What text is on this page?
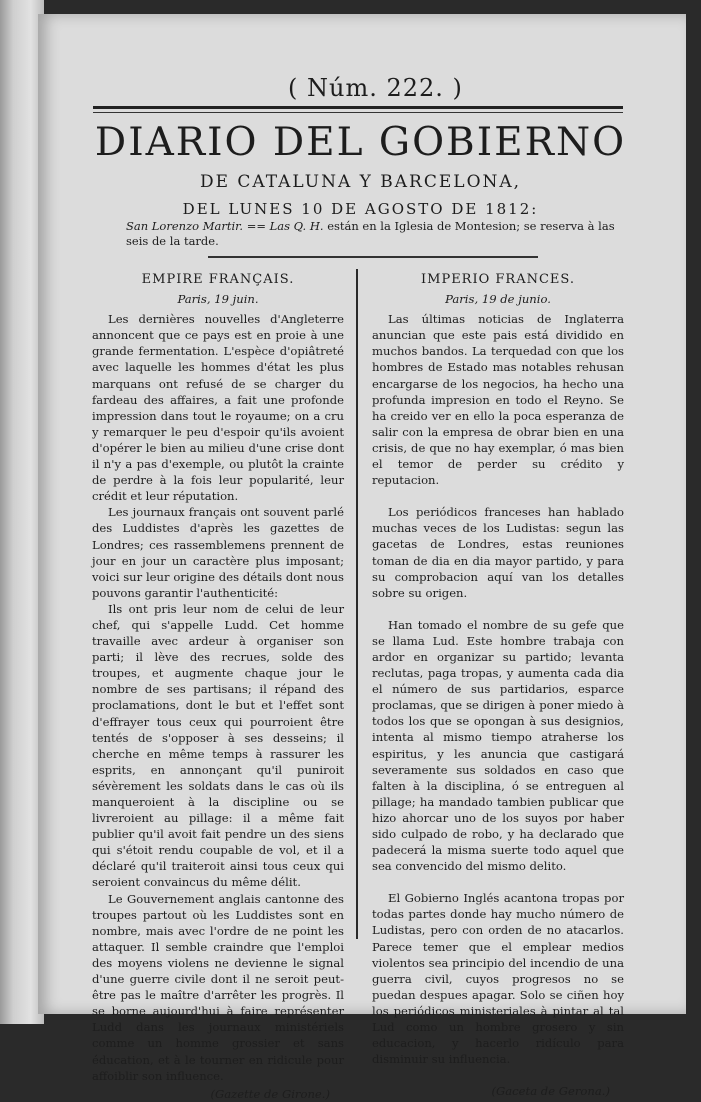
( Núm. 222. )
DIARIO DEL GOBIERNO
DE CATALUNA Y BARCELONA,
DEL LUNES 10 DE AGOSTO DE 1812:
San Lorenzo Martir. == Las Q. H. están en la Iglesia de Montesion; se reserva à las seis de la tarde.
EMPIRE FRANÇAIS.
Paris, 19 juin.

Les dernières nouvelles d'Angleterre annoncent que ce pays est en proie à une grande fermentation. L'espèce d'opiâtreté avec laquelle les hommes d'état les plus marquans ont refusé de se charger du fardeau des affaires, a fait une profonde impression dans tout le royaume; on a cru y remarquer le peu d'espoir qu'ils avoient d'opérer le bien au milieu d'une crise dont il n'y a pas d'exemple, ou plutôt la crainte de perdre à la fois leur popularité, leur crédit et leur réputation.

Les journaux français ont souvent parlé des Luddistes d'après les gazettes de Londres; ces rassemblemens prennent de jour en jour un caractère plus imposant; voici sur leur origine des détails dont nous pouvons garantir l'authenticité:

Ils ont pris leur nom de celui de leur chef, qui s'appelle Ludd. Cet homme travaille avec ardeur à organiser son parti; il lève des recrues, solde des troupes, et augmente chaque jour le nombre de ses partisans; il répand des proclamations, dont le but et l'effet sont d'effrayer tous ceux qui pourroient être tentés de s'opposer à ses desseins; il cherche en même temps à rassurer les esprits, en annonçant qu'il puniroit sévèrement les soldats dans le cas où ils manqueroient à la discipline ou se livreroient au pillage: il a même fait publier qu'il avoit fait pendre un des siens qui s'étoit rendu coupable de vol, et il a déclaré qu'il traiteroit ainsi tous ceux qui seroient convaincus du même délit.

Le Gouvernement anglais cantonne des troupes partout où les Luddistes sont en nombre, mais avec l'ordre de ne point les attaquer. Il semble craindre que l'emploi des moyens violens ne devienne le signal d'une guerre civile dont il ne seroit peut-être pas le maître d'arrêter les progrès. Il se borne aujourd'hui à faire représenter Ludd dans les journaux ministériels comme un homme grossier et sans éducation, et à le tourner en ridicule pour affoiblir son influence.

(Gazette de Girone.)
IMPERIO FRANCES.
Paris, 19 de junio.

Las últimas noticias de Inglaterra anuncian que este pais está dividido en muchos bandos. La terquedad con que los hombres de Estado mas notables rehusan encargarse de los negocios, ha hecho una profunda impresion en todo el Reyno. Se ha creido ver en ello la poca esperanza de salir con la empresa de obrar bien en una crisis, de que no hay exemplar, ó mas bien el temor de perder su crédito y reputacion.

Los periódicos franceses han hablado muchas veces de los Ludistas: segun las gacetas de Londres, estas reuniones toman de dia en dia mayor partido, y para su comprobacion aquí van los detalles sobre su origen.

Han tomado el nombre de su gefe que se llama Lud. Este hombre trabaja con ardor en organizar su partido; levanta reclutas, paga tropas, y aumenta cada dia el número de sus partidarios, esparce proclamas, que se dirigen à poner miedo à todos los que se opongan à sus designios, intenta al mismo tiempo atraherse los espiritus, y les anuncia que castigará severamente sus soldados en caso que falten à la disciplina, ó se entreguen al pillage; ha mandado tambien publicar que hizo ahorcar uno de los suyos por haber sido culpado de robo, y ha declarado que padecerá la misma suerte todo aquel que sea convencido del mismo delito.

El Gobierno Inglés acantona tropas por todas partes donde hay mucho número de Ludistas, pero con orden de no atacarlos. Parece temer que el emplear medios violentos sea principio del incendio de una guerra civil, cuyos progresos no se puedan despues apagar. Solo se ciñen hoy los periódicos ministeriales à pintar al tal Lud como un hombre grosero y sin educacion, y hacerlo ridículo para disminuir su influencia.

(Gaceta de Gerona.)
